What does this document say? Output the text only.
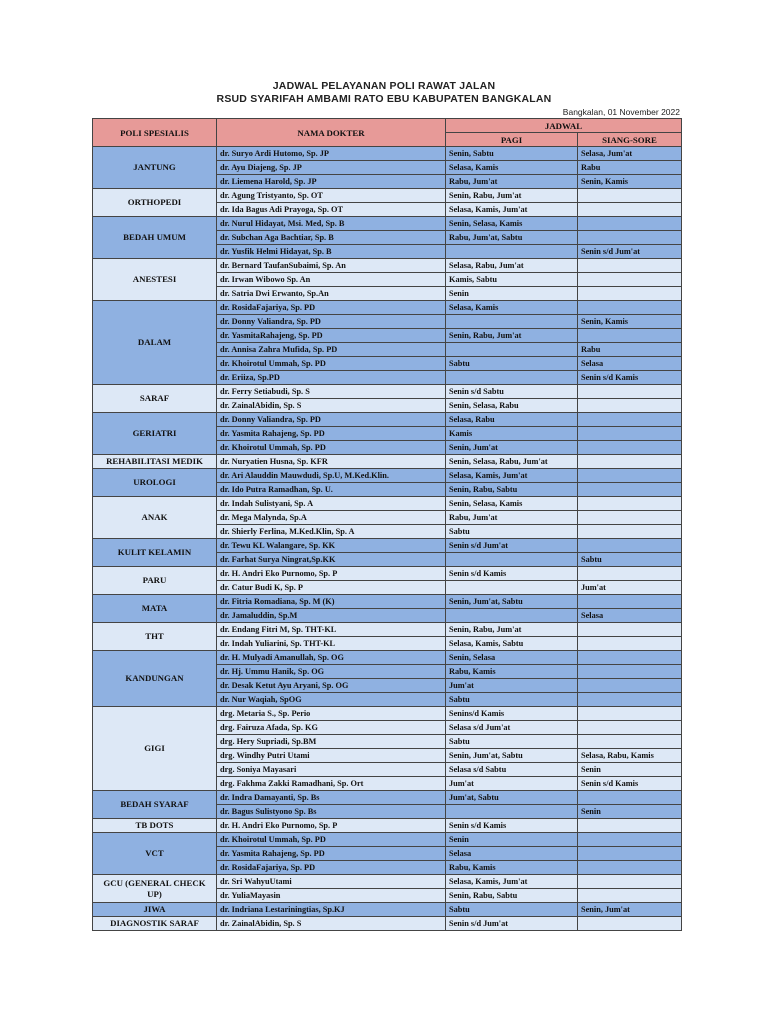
JADWAL PELAYANAN POLI RAWAT JALAN
RSUD SYARIFAH AMBAMI RATO EBU KABUPATEN BANGKALAN
Bangkalan, 01 November 2022
POLI SPESIALIS	NAMA DOKTER	JADWAL	
		PAGI	SIANG-SORE
JANTUNG	dr. Suryo Ardi Hutomo, Sp. JP	Senin, Sabtu	Selasa, Jum'at
	dr. Ayu Diajeng, Sp. JP	Selasa, Kamis	Rabu
	dr. Liemena Harold, Sp. JP	Rabu, Jum'at	Senin, Kamis
ORTHOPEDI	dr. Agung Tristyanto, Sp. OT	Senin, Rabu, Jum'at	
	dr. Ida Bagus Adi Prayoga, Sp. OT	Selasa, Kamis, Jum'at	
BEDAH UMUM	dr. Nurul Hidayat, Msi. Med, Sp. B	Senin, Selasa, Kamis	
	dr. Subchan Aga Bachtiar, Sp. B	Rabu, Jum'at, Sabtu	
	dr. Yusfik Helmi Hidayat, Sp. B		Senin s/d Jum'at
ANESTESI	dr. Bernard TaufanSubaimi, Sp. An	Selasa, Rabu, Jum'at	
	dr. Irwan Wibowo Sp. An	Kamis, Sabtu	
	dr. Satria Dwi Erwanto, Sp.An	Senin	
DALAM	dr. RosidaFajariya, Sp. PD	Selasa, Kamis	
	dr. Donny Valiandra, Sp. PD		Senin, Kamis
	dr. YasmitaRahajeng, Sp. PD	Senin, Rabu, Jum'at	
	dr. Annisa Zahra Mufida, Sp. PD		Rabu
	dr. Khoirotul Ummah, Sp. PD	Sabtu	Selasa
	dr. Eriiza, Sp.PD		Senin s/d Kamis
SARAF	dr. Ferry Setiabudi, Sp. S	Senin s/d Sabtu	
	dr. ZainalAbidin, Sp. S	Senin, Selasa, Rabu	
GERIATRI	dr. Donny Valiandra, Sp. PD	Selasa, Rabu	
	dr. Yasmita Rahajeng, Sp. PD	Kamis	
	dr. Khoirotul Ummah, Sp. PD	Senin, Jum'at	
REHABILITASI MEDIK	dr. Nuryatien Husna, Sp. KFR	Senin, Selasa, Rabu, Jum'at	
UROLOGI	dr. Ari Alauddin Mauwdudi, Sp.U, M.Ked.Klin.	Selasa, Kamis, Jum'at	
	dr. Ido Putra Ramadhan, Sp. U.	Senin, Rabu, Sabtu	
ANAK	dr. Indah Sulistyani, Sp. A	Senin, Selasa, Kamis	
	dr. Mega Malynda, Sp.A	Rabu, Jum'at	
	dr. Shierly Ferlina, M.Ked.Klin, Sp. A	Sabtu	
KULIT KELAMIN	dr. Tewu KL Walangare, Sp. KK	Senin s/d Jum'at	
	dr. Farhat Surya Ningrat,Sp.KK		Sabtu
PARU	dr. H. Andri Eko Purnomo, Sp. P	Senin s/d Kamis	
	dr. Catur Budi K, Sp. P		Jum'at
MATA	dr. Fitria Romadiana, Sp. M (K)	Senin, Jum'at, Sabtu	
	dr. Jamaluddin, Sp.M		Selasa
THT	dr. Endang Fitri M, Sp. THT-KL	Senin, Rabu, Jum'at	
	dr. Indah Yuliarini, Sp. THT-KL	Selasa, Kamis, Sabtu	
KANDUNGAN	dr. H. Mulyadi Amanullah, Sp. OG	Senin, Selasa	
	dr. Hj. Ummu Hanik, Sp. OG	Rabu, Kamis	
	dr. Desak Ketut Ayu Aryani, Sp. OG	Jum'at	
	dr. Nur Waqiah, SpOG	Sabtu	
GIGI	drg. Metaria S., Sp. Perio	Senins/d Kamis	
	drg. Fairuza Afada, Sp. KG	Selasa s/d Jum'at	
	drg. Hery Supriadi, Sp.BM	Sabtu	
	drg. Windhy Putri Utami	Senin, Jum'at, Sabtu	Selasa, Rabu, Kamis
	drg. Soniya Mayasari	Selasa s/d Sabtu	Senin
	drg. Fakhma Zakki Ramadhani, Sp. Ort	Jum'at	Senin s/d Kamis
BEDAH SYARAF	dr. Indra Damayanti, Sp. Bs	Jum'at, Sabtu	
	dr. Bagus Sulistyono Sp. Bs		Senin
TB DOTS	dr. H. Andri Eko Purnomo, Sp. P	Senin s/d Kamis	
VCT	dr. Khoirotul Ummah, Sp. PD	Senin	
	dr. Yasmita Rahajeng, Sp. PD	Selasa	
	dr. RosidaFajariya, Sp. PD	Rabu, Kamis	
GCU (GENERAL CHECK UP)	dr. Sri WahyuUtami	Selasa, Kamis, Jum'at	
	dr. YuliaMayasin	Senin, Rabu, Sabtu	
JIWA	dr. Indriana Lestariningtias, Sp.KJ	Sabtu	Senin, Jum'at
DIAGNOSTIK SARAF	dr. ZainalAbidin, Sp. S	Senin s/d Jum'at	
